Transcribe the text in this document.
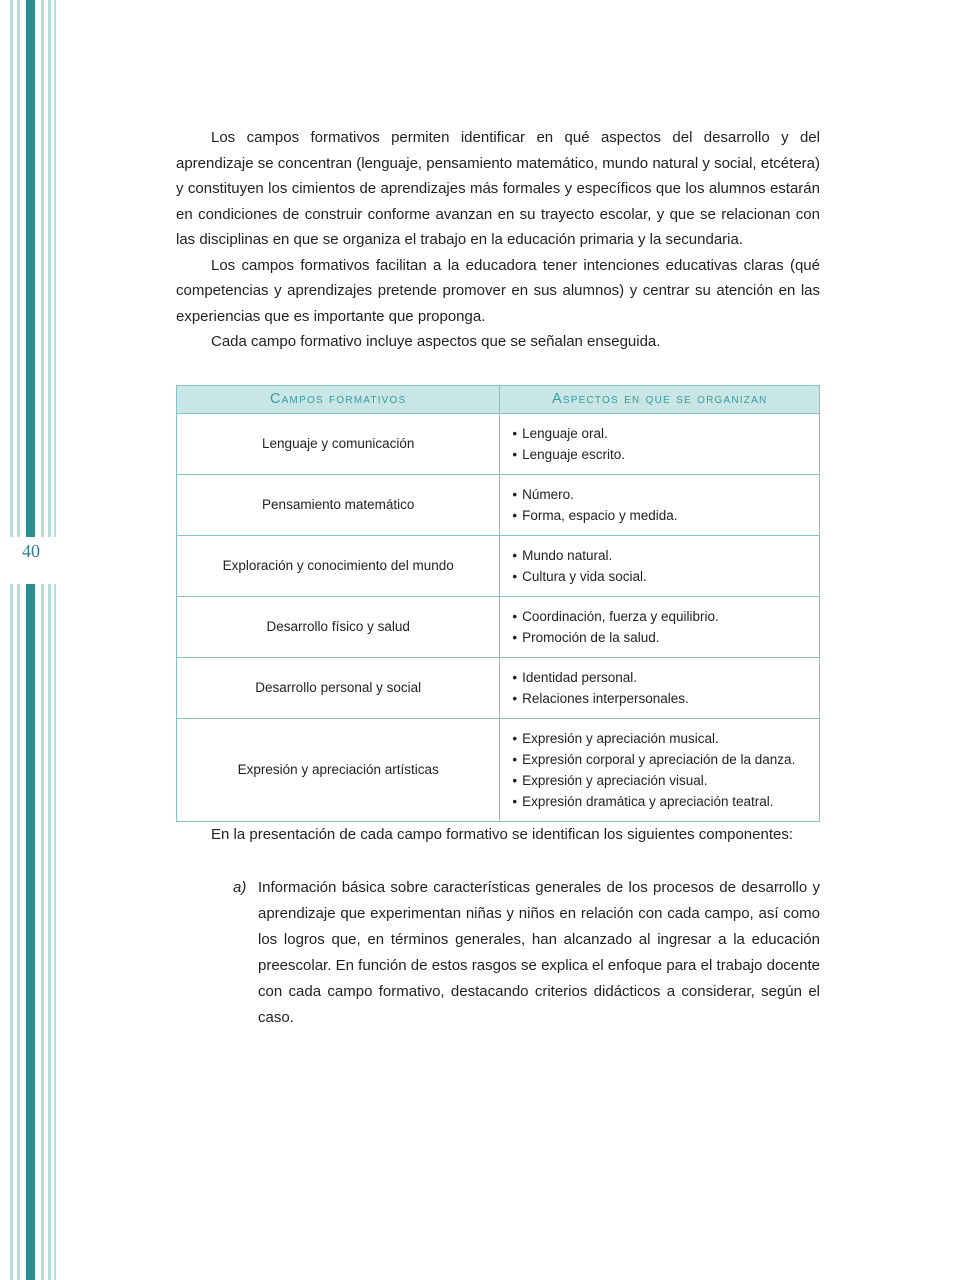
40

Los campos formativos permiten identificar en qué aspectos del desarrollo y del aprendizaje se concentran (lenguaje, pensamiento matemático, mundo natural y social, etcétera) y constituyen los cimientos de aprendizajes más formales y específicos que los alumnos estarán en condiciones de construir conforme avanzan en su trayecto escolar, y que se relacionan con las disciplinas en que se organiza el trabajo en la educación primaria y la secundaria.

Los campos formativos facilitan a la educadora tener intenciones educativas claras (qué competencias y aprendizajes pretende promover en sus alumnos) y centrar su atención en las experiencias que es importante que proponga.

Cada campo formativo incluye aspectos que se señalan enseguida.

Campos formativos	Aspectos en que se organizan
Lenguaje y comunicación	
• Lenguaje oral.
• Lenguaje escrito.

Pensamiento matemático	
• Número.
• Forma, espacio y medida.

Exploración y conocimiento del mundo	
• Mundo natural.
• Cultura y vida social.

Desarrollo físico y salud	
• Coordinación, fuerza y equilibrio.
• Promoción de la salud.

Desarrollo personal y social	
• Identidad personal.
• Relaciones interpersonales.

Expresión y apreciación artísticas	
• Expresión y apreciación musical.
• Expresión corporal y apreciación de la danza.
• Expresión y apreciación visual.
• Expresión dramática y apreciación teatral.

En la presentación de cada campo formativo se identifican los siguientes componentes:

a) Información básica sobre características generales de los procesos de desarrollo y aprendizaje que experimentan niñas y niños en relación con cada campo, así como los logros que, en términos generales, han alcanzado al ingresar a la educación preescolar. En función de estos rasgos se explica el enfoque para el trabajo docente con cada campo formativo, destacando criterios didácticos a considerar, según el caso.
